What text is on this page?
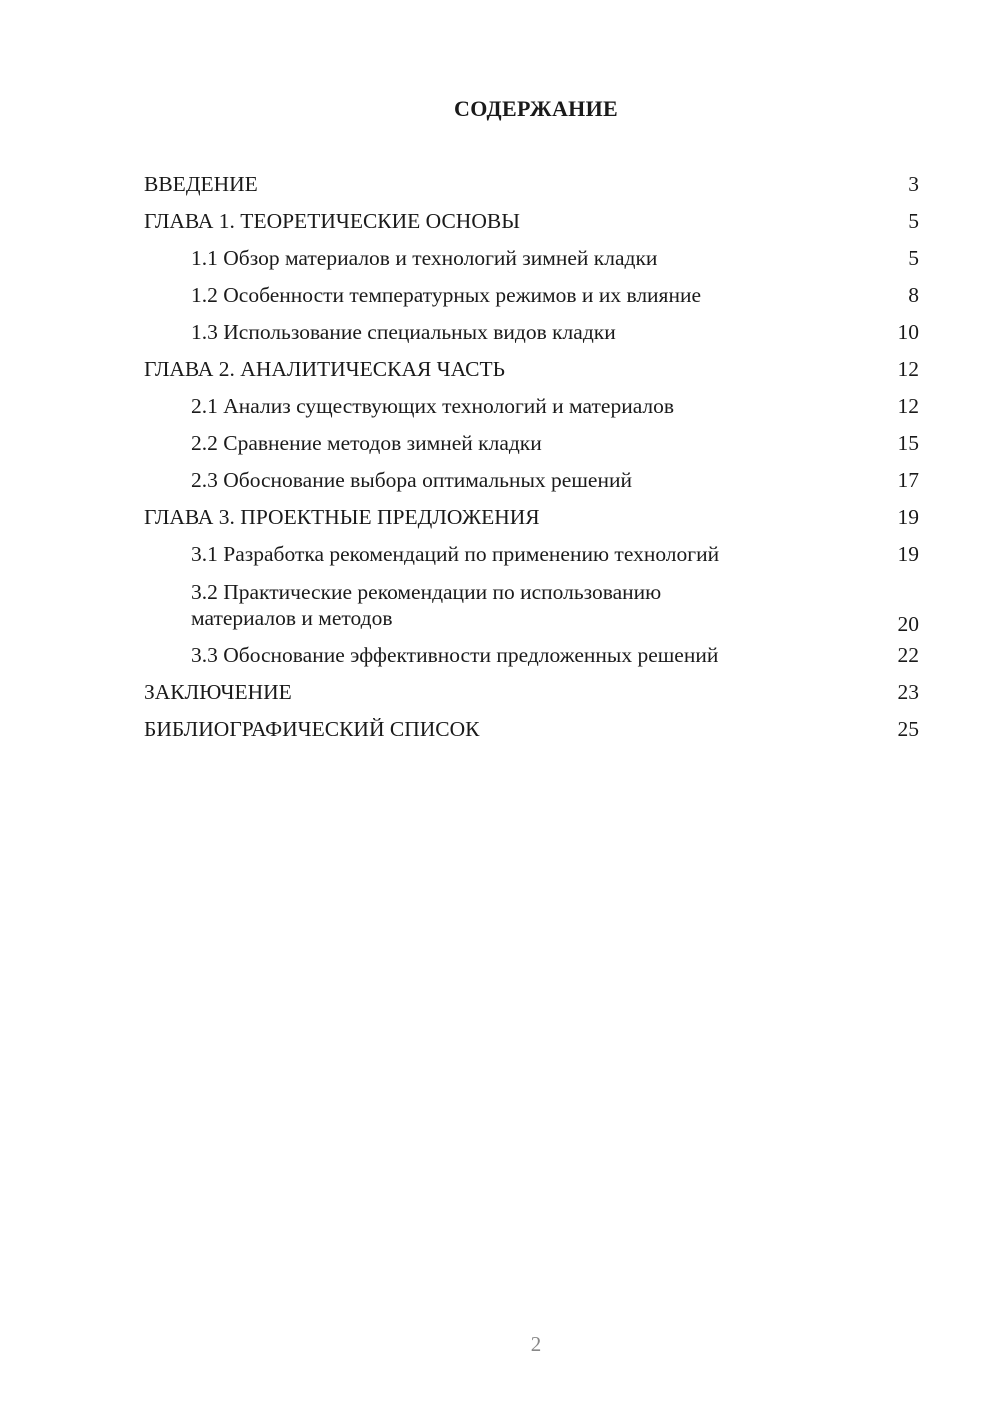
СОДЕРЖАНИЕ
ВВЕДЕНИЕ	3
ГЛАВА 1. ТЕОРЕТИЧЕСКИЕ ОСНОВЫ	5
1.1 Обзор материалов и технологий зимней кладки	5
1.2 Особенности температурных режимов и их влияние	8
1.3 Использование специальных видов кладки	10
ГЛАВА 2. АНАЛИТИЧЕСКАЯ ЧАСТЬ	12
2.1 Анализ существующих технологий и материалов	12
2.2 Сравнение методов зимней кладки	15
2.3 Обоснование выбора оптимальных решений	17
ГЛАВА 3. ПРОЕКТНЫЕ ПРЕДЛОЖЕНИЯ	19
3.1 Разработка рекомендаций по применению технологий	19
3.2 Практические рекомендации по использованию
материалов и методов	20
3.3 Обоснование эффективности предложенных решений	22
ЗАКЛЮЧЕНИЕ	23
БИБЛИОГРАФИЧЕСКИЙ СПИСОК	25
2
